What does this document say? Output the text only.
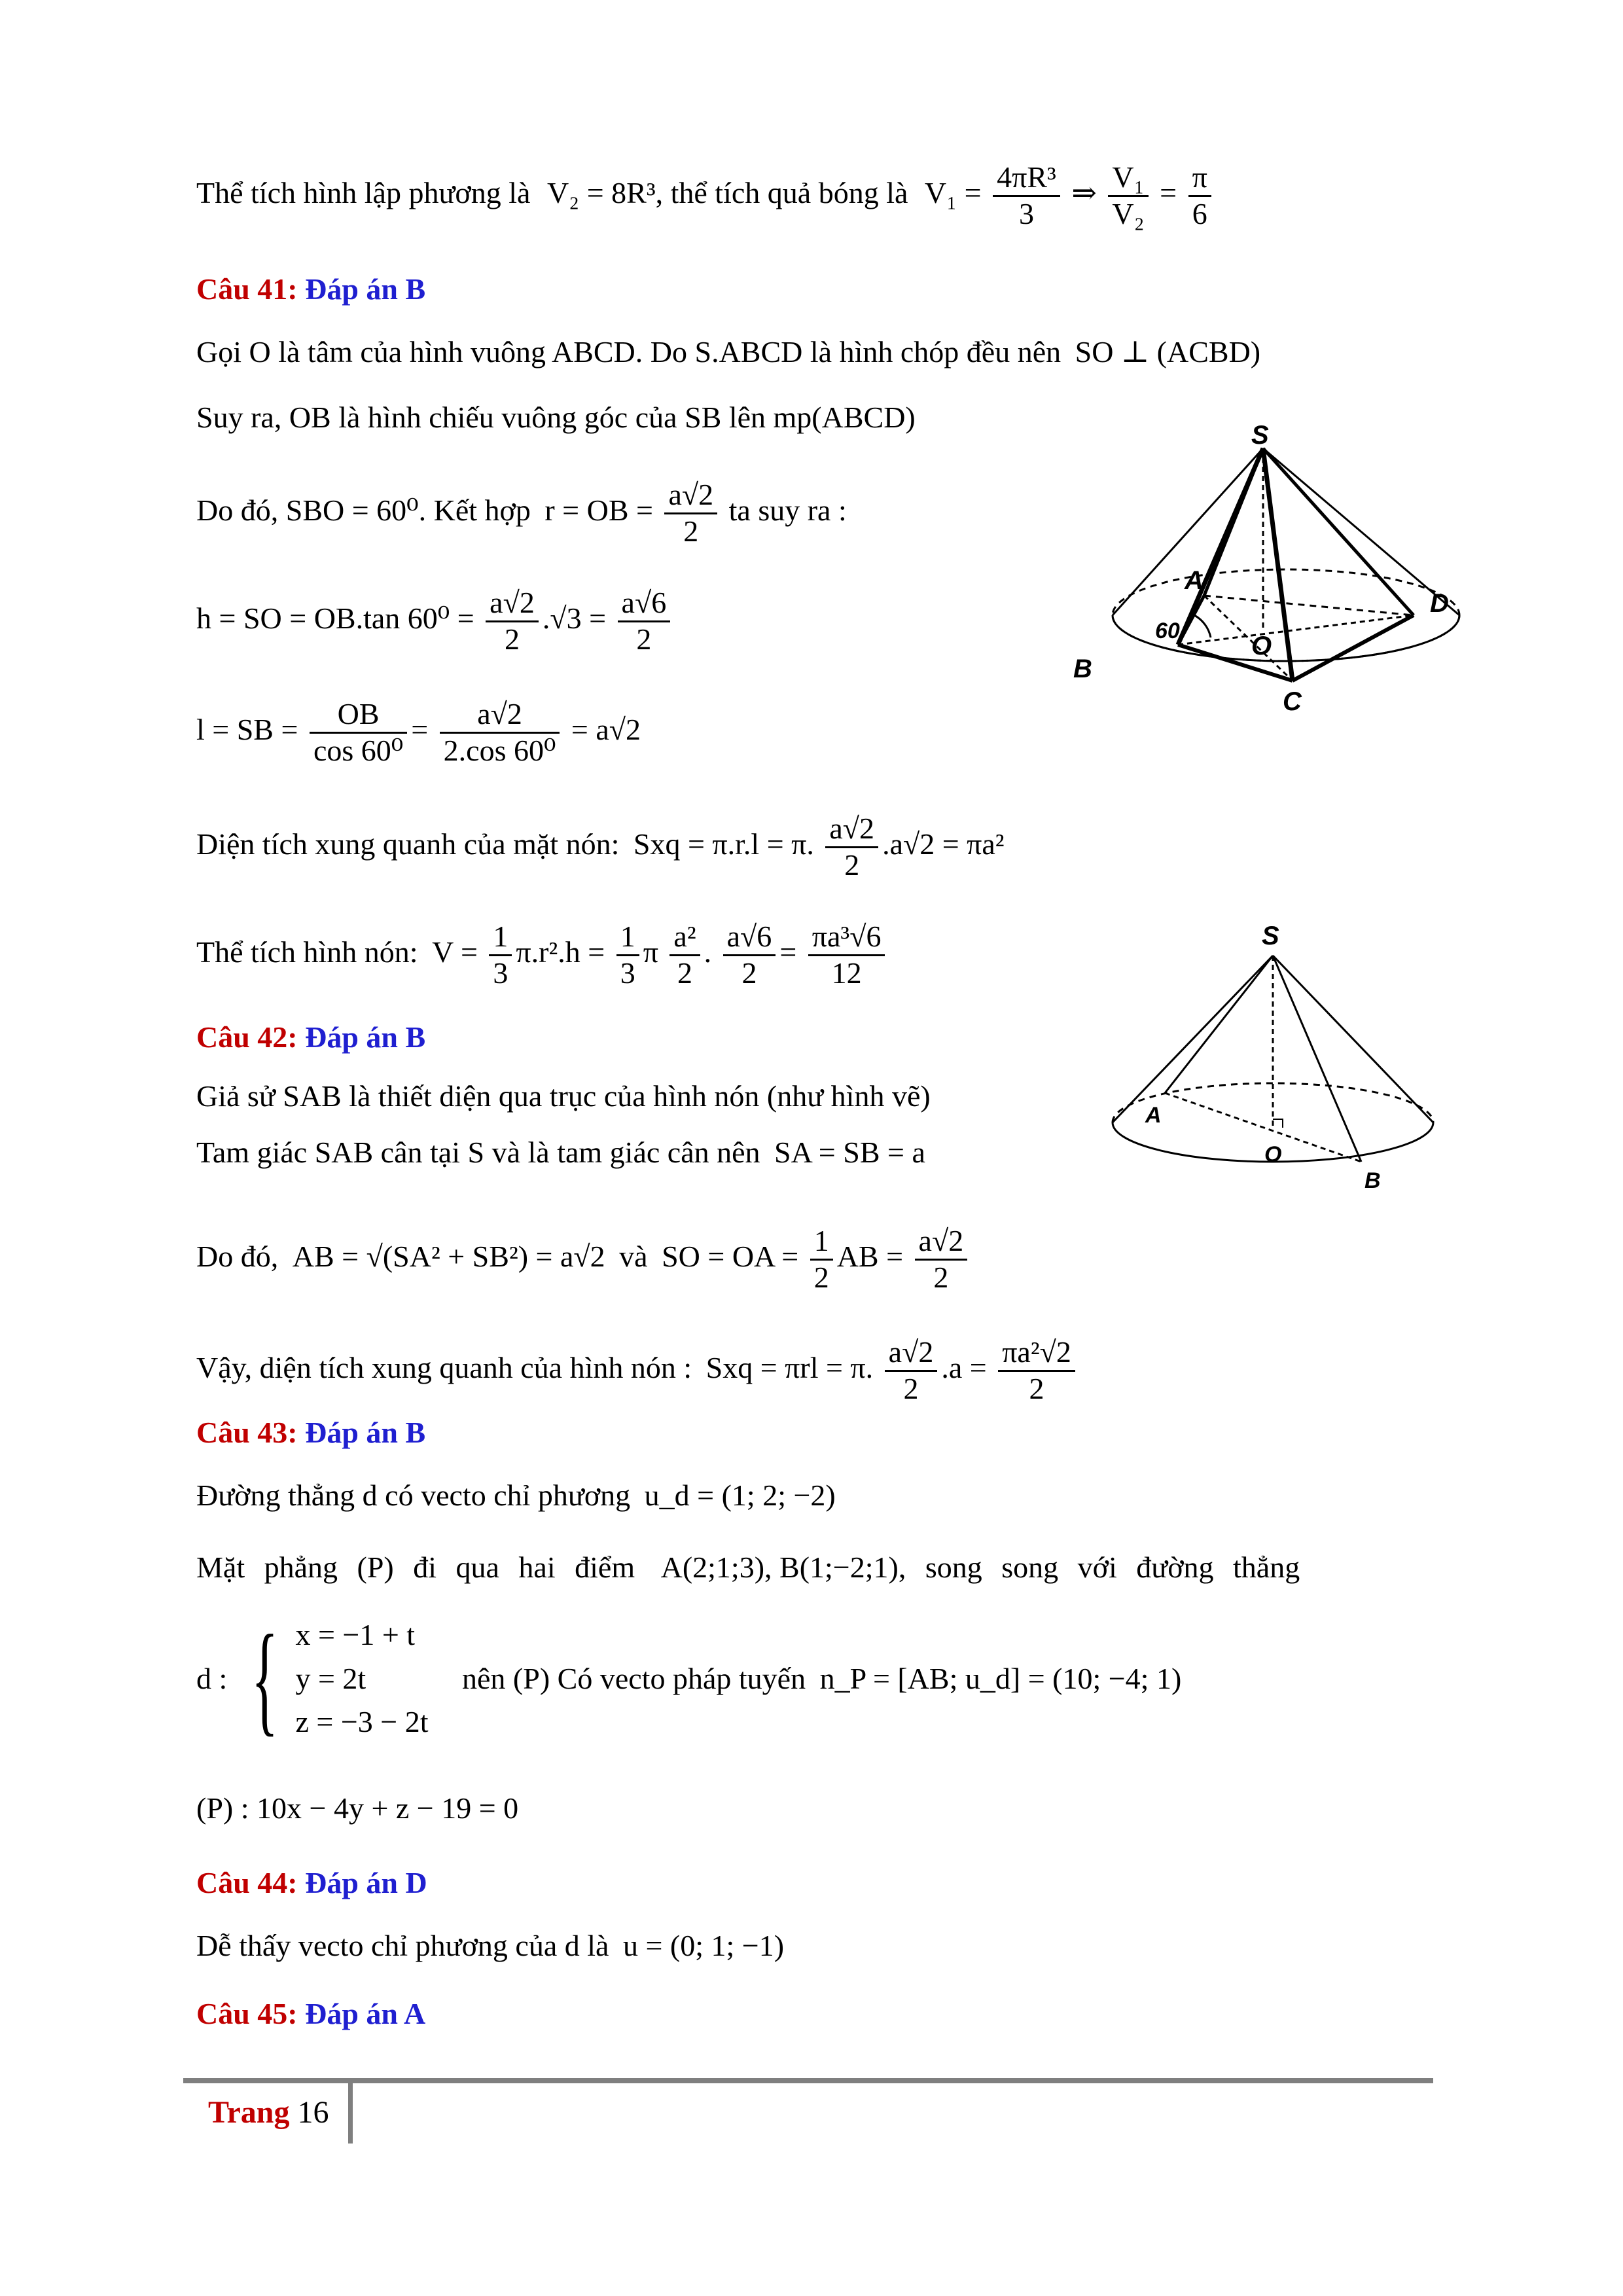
Thể tích hình lập phương là V₂ = 8R³, thể tích quả bóng là $V_1 = \frac{\text{4πR³}}{3}$ ⇒ $\frac{\text{V₁}}{\text{V₂}} = \frac{\pi}{6}$
Câu 41: Đáp án B
Gọi O là tâm của hình vuông ABCD. Do S.ABCD là hình chóp đều nên SO ⊥ (ACBD)
Suy ra, OB là hình chiếu vuông góc của SB lên mp(ABCD)
Do đó, SBO = 60⁰. Kết hợp r = OB = $\frac{a√2}{2}$ ta suy ra :
h = SO = OB.tan $60^0 = \frac{a√2}{2} .√3 = \frac{a√6}{2}$
l = SB = $\frac{OB}{\text{cos 60⁰}} = \frac{a√2}{\text{2.cos 60⁰}} = a√2$
Diện tích xung quanh của mặt nón: Sxq = π.r.l = π. $\frac{a√2}{2} .a√2 = \pi a^2$
Thể tích hình nón: $V = \frac{1}{3} \pi.r^2.h = \frac{1}{3}$ π $\frac{\text{a²}}{2}$ . $\frac{a√6}{2} = \frac{\text{πa³√6}}{12}$
S
A
B
C
D
O
60
Câu 42: Đáp án B
Giả sử SAB là thiết diện qua trục của hình nón (như hình vẽ)
Tam giác SAB cân tại S và là tam giác cân nên SA = SB = a
Do đó, AB = √(SA² + SB²) = a√2 và SO = OA = $\frac{1}{2}$ AB = $\frac{a√2}{2}$
Vậy, diện tích xung quanh của hình nón : Sxq = πrl = π. $\frac{a√2}{2} .a = \frac{\text{πa²√2}}{2}$
S
A
O
B
Câu 43: Đáp án B
Đường thẳng d có vecto chỉ phương u_d = (1; 2; −2)
Mặt phẳng (P) đi qua hai điểm A(2;1;3), B(1;−2;1), song song với đường thẳng
d : { x = −1 + t
y = 2t
z = −3 − 2t
nên (P) Có vecto pháp tuyến n_P = [AB; u_d] = (10; −4; 1)
(P) : 10x − 4y + z − 19 = 0
Câu 44: Đáp án D
Dễ thấy vecto chỉ phương của d là u = (0; 1; −1)
Câu 45: Đáp án A
Trang 16
